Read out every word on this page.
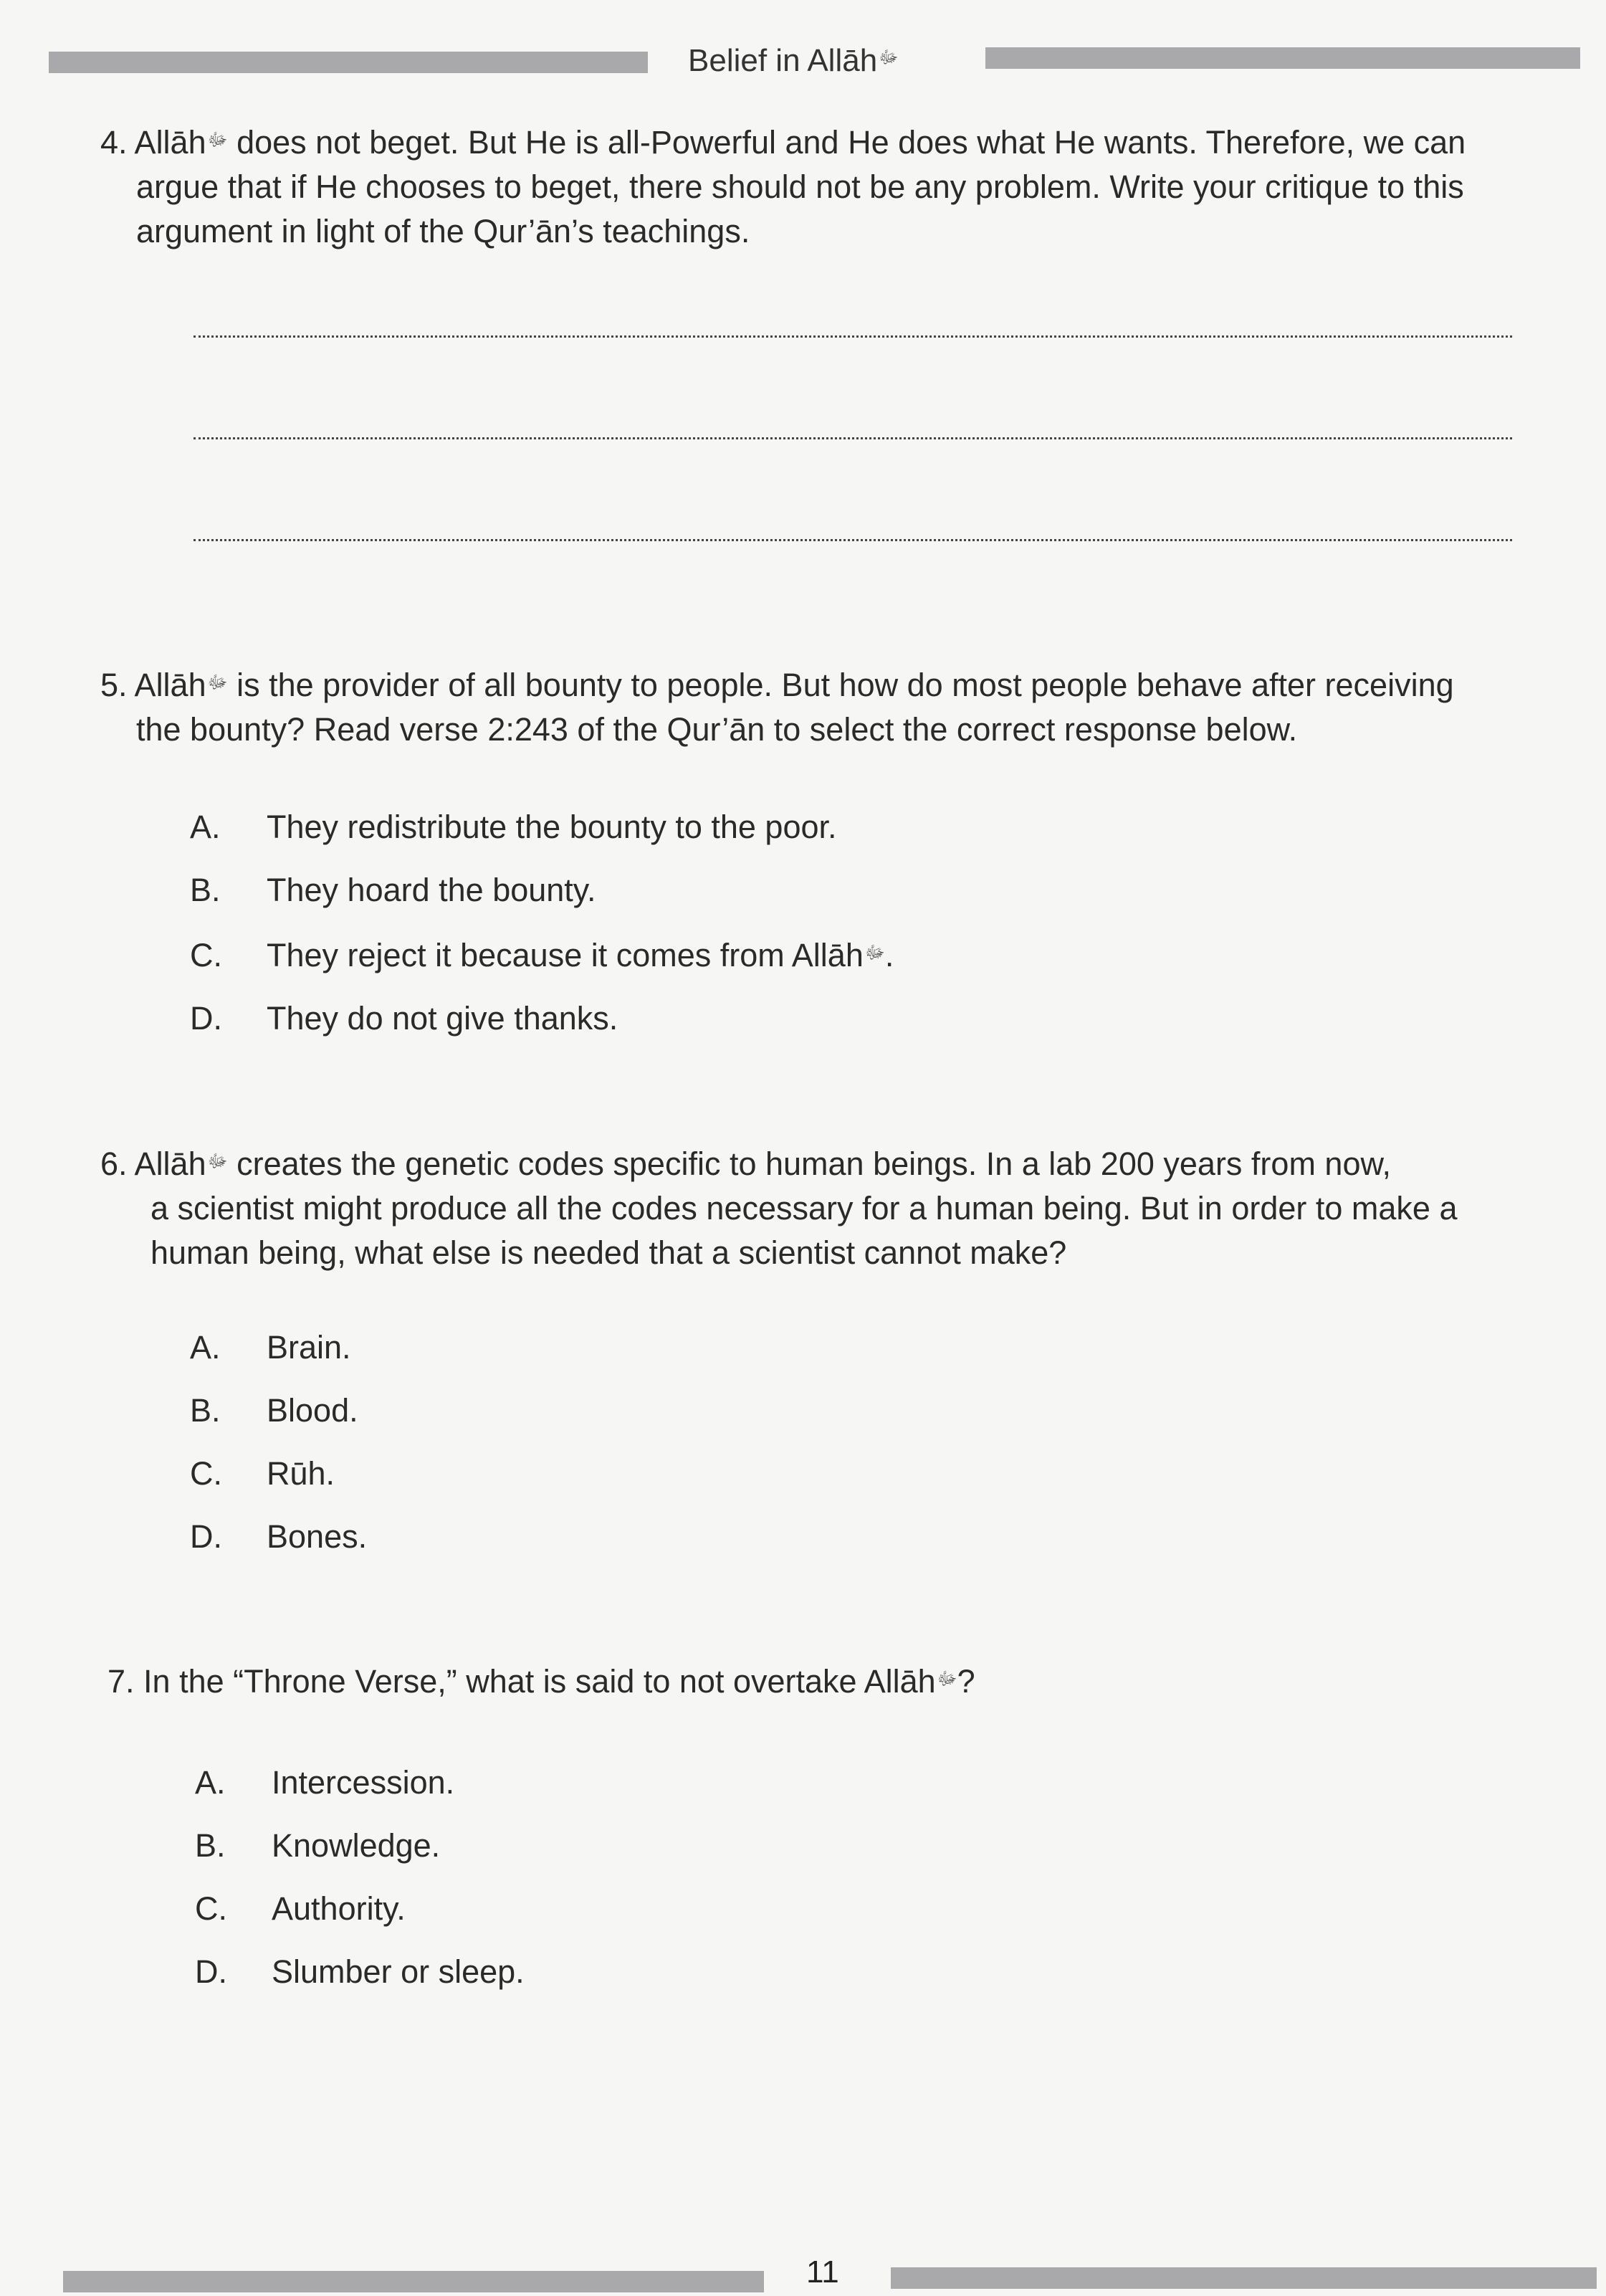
Belief in Allāhﷻ
4. Allāhﷻ does not beget. But He is all-Powerful and He does what He wants. Therefore, we can
argue that if He chooses to beget, there should not be any problem. Write your critique to this
argument in light of the Qur’ān’s teachings.
5. Allāhﷻ is the provider of all bounty to people. But how do most people behave after receiving
the bounty? Read verse 2:243 of the Qur’ān to select the correct response below.
A. They redistribute the bounty to the poor.
B. They hoard the bounty.
C. They reject it because it comes from Allāhﷻ.
D. They do not give thanks.
6. Allāhﷻ creates the genetic codes specific to human beings. In a lab 200 years from now,
a scientist might produce all the codes necessary for a human being. But in order to make a
human being, what else is needed that a scientist cannot make?
A. Brain.
B. Blood.
C. Rūh.
D. Bones.
7. In the “Throne Verse,” what is said to not overtake Allāhﷻ?
A. Intercession.
B. Knowledge.
C. Authority.
D. Slumber or sleep.
11
